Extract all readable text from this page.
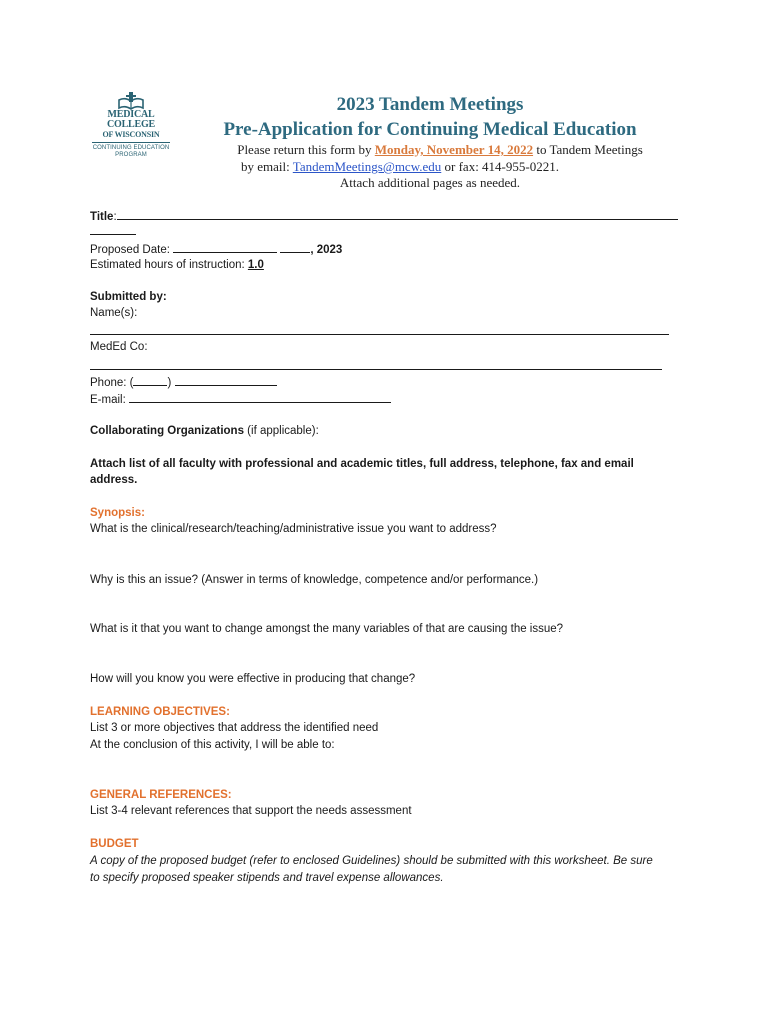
MEDICAL
COLLEGE
OF WISCONSIN
CONTINUING EDUCATION
PROGRAM
2023 Tandem Meetings
Pre-Application for Continuing Medical Education
Please return this form by Monday, November 14, 2022 to Tandem Meetings
by email: TandemMeetings@mcw.edu or fax: 414-955-0221.
Attach additional pages as needed.
Title:
Proposed Date:	, 2023
Estimated hours of instruction: 1.0
Submitted by:
Name(s):
MedEd Co:
Phone: (	)
E-mail:
Collaborating Organizations (if applicable):
Attach list of all faculty with professional and academic titles, full address, telephone, fax and email
address.
Synopsis:
What is the clinical/research/teaching/administrative issue you want to address?
Why is this an issue? (Answer in terms of knowledge, competence and/or performance.)
What is it that you want to change amongst the many variables of that are causing the issue?
How will you know you were effective in producing that change?
LEARNING OBJECTIVES:
List 3 or more objectives that address the identified need
At the conclusion of this activity, I will be able to:
GENERAL REFERENCES:
List 3-4 relevant references that support the needs assessment
BUDGET
A copy of the proposed budget (refer to enclosed Guidelines) should be submitted with this worksheet. Be sure
to specify proposed speaker stipends and travel expense allowances.
